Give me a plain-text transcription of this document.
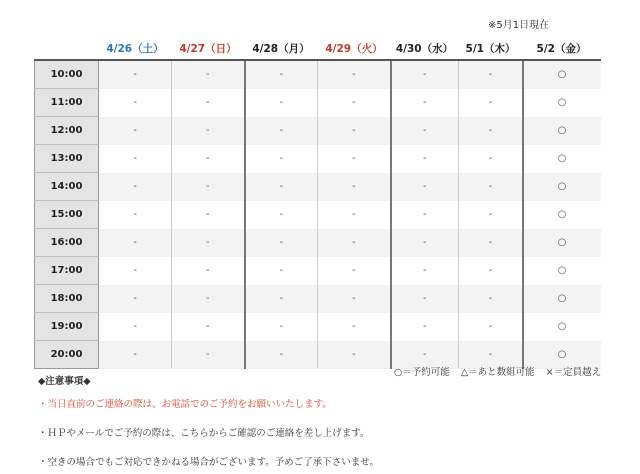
※5月1日現在
	4/26（土）	4/27（日）	4/28（月）	4/29（火）	4/30（水）	5/1（木）	5/2（金）
10:00	-	-	-	-	-	-	○
11:00	-	-	-	-	-	-	○
12:00	-	-	-	-	-	-	○
13:00	-	-	-	-	-	-	○
14:00	-	-	-	-	-	-	○
15:00	-	-	-	-	-	-	○
16:00	-	-	-	-	-	-	○
17:00	-	-	-	-	-	-	○
18:00	-	-	-	-	-	-	○
19:00	-	-	-	-	-	-	○
20:00	-	-	-	-	-	-	○
○＝予約可能 △＝あと数組可能 ×＝定員越え
◆注意事項◆
・当日直前のご連絡の際は、お電話でのご予約をお願いいたします。
・ＨＰやメールでご予約の際は、こちらからご確認のご連絡を差し上げます。
・空きの場合でもご対応できかねる場合がございます。予めご了承下さいませ。
